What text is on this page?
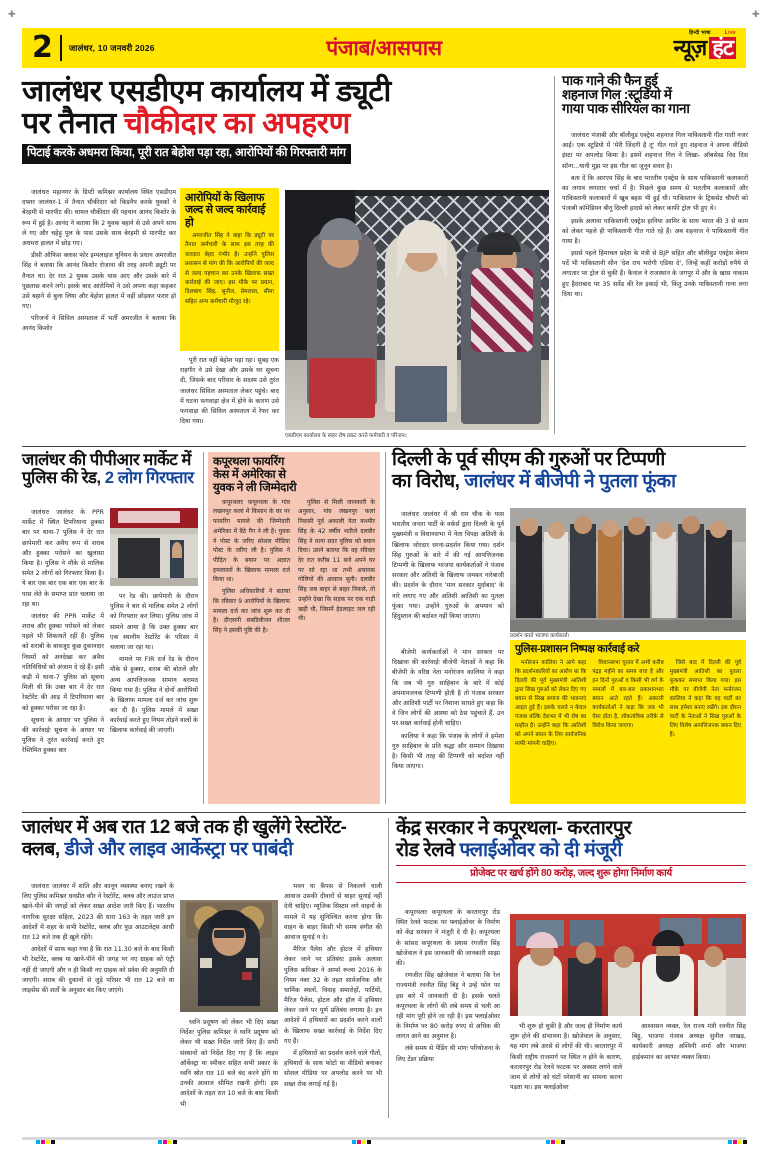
✚	✚
2	जालंधर, 10 जनवरी 2026	पंजाब/आसपास
हिन्दी भाषा	Live
न्यूज़ हंट
जालंधर एसडीएम कार्यालय में ड्यूटी
पर तैनात चौकीदार का अपहरण
पिटाई करके अधमरा किया, पूरी रात बेहोश पड़ा रहा, आरोपियों की गिरफ्तारी मांग

जालंधरः महानगर के डिप्टी कमिश्नर कार्यालय स्थित एसडीएम दफ्तर जालंधर-1 में तैनात चौकीदार को किडनैप करके युवकों ने बेरहमी से मारपीट की। घायल चौकीदार की पहचान आनंद किशोर के रूप में हुई है। आनंद ने बताया कि 2 युवक बहाने से उसे अपने साथ ले गए और चहेड़ू पुल के पास उसके साथ बेरहमी से मारपीट कर अधमरा हालत में छोड़ गए।

डीसी ऑफिस क्लास फोर इम्पलाइज यूनियन के प्रधान अमरजीत सिंह ने बताया कि आनंद किशोर रोजाना की तरह अपनी ड्यूटी पर तैनात था। देर रात 2 युवक उसके पास आए और उसके बारे में पूछताछ करने लगे। इसके बाद आरोपियों ने उसे अपना कहा कहकर उसे बहाने से बुला लिया और बेहोश हालत में वहीं छोड़कर फरार हो गए।

परिजनों ने सिविल अस्पताल में भर्ती अमरजीत ने बताया कि आनंद किशोर

आरोपियों के खिलाफ जल्द से जल्द कार्रवाई हो

अमरजीत सिंह ने कहा कि ड्यूटी पर तैनात कर्मचारी के साथ इस तरह की वारदात बेहद गंभीर है। उन्होंने पुलिस प्रशासन से मांग की कि आरोपियों की जल्द से जल्द पहचान कर उनके खिलाफ सख्त कार्रवाई की जाए। इस मौके पर प्रधान, दिलबाग सिंह, सुनील, प्रेमलाल, सीमा सहित अन्य कर्मचारी मौजूद रहे।

पूरी रात वहीं बेहोश पड़ा रहा। सुबह एक राहगीर ने उसे देखा और उसके घर सूचना दी, जिसके बाद परिवार के सदस्य उसे तुरंत जालंधर सिविल अस्पताल लेकर पहुंचे। बाद में घटना फगवाड़ा क्षेत्र में होने के कारण उसे फगवाड़ा की सिविल अस्पताल में रेफर कर दिया गया।

एसडीएम कार्यालय के बाहर रोष प्रकट करते कर्मचारी व परिजन।
पाक गाने की फैन हुई
शहनाज गिल :स्टूडियो में
गाया पाक सीरियल का गाना

जालंधरः पंजाबी और बॉलीवुड एक्ट्रेस शहनाज गिल पाकिस्तानी गीत गाती नजर आईं। एक स्टूडियो में 'मेरी जिंदगी है तू' गीत गाते हुए शहनाज ने अपना वीडियो इंस्टा पर अपलोड किया है। इसमें शहनाज गिल ने लिखा- ऑबसेस्ड विद दिस सॉन्ग...यानी मुझ पर इस गीत का जुनून सवार है।

बता दें कि आरएम सिंह के बाद भारतीय एक्ट्रेस के साथ पाकिस्तानी कलाकारों का लगाव लगातार चर्चा में है। पिछले कुछ समय से भारतीय कलाकारों और पाकिस्तानी कलाकारों में खूब बहस भी हुई थी। पाकिस्तान के ट्रिकसेट चौधरी को पंजाबी कॉमेडियन बीनू दिल्ली हादसे को लेकर काफी ट्रोल भी हुए थे।

इसके अलावा पाकिस्तानी एक्ट्रेस हानिया आमिर के साथ भारत की 3 से काम को लेकर पहले ही पाकिस्तानी गीत गाते रहे हैं। अब शहनाज ने पाकिस्तानी गीत गाया है।

इससे पहले हिमाचल प्रदेश के मंत्री से BJP सहित और बॉलीवुड एक्ट्रेस बेनाम पर्दे भी पाकिस्तानी सीन 'देश राय भरोगी एडिया दे', जिन्हें कहीं करोड़ों रुपैये से लगातार पर ट्रोल से चुकी हैं। कैनाल ने राजस्थान के जगपुर में और के खास नाकाम हुए हैदराबाद पर 35 सर्वेड की रेल इकाई भी, किंतु उनके पाकिस्तानी गाना लगा दिया था।

जालंधर की पीपीआर मार्केट में
पुलिस की रेड, 2 लोग गिरफ्तार

जालंधरः जालंधर के PPR मार्केट में स्थित टिपरियाना हुक्का बार पर थाना-7 पुलिस ने देर रात छापेमारी कर अवैध रूप से शराब और हुक्का परोसने का खुलासा किया है। पुलिस ने मौके से मालिक समेत 2 लोगों को गिरफ्तार किया है। ये बार एक बार एक बार एक बार के पास लेते के समाप्त प्रात चलाया जा रहा था।

जालंधर की PPR मार्केट में शराब और हुक्का परोसने को लेकर पहले भी शिकायतें रहीं हैं। पुलिस को शराबी के बावजूद कुछ दुकानदार नियमों को अनदेखा कर अवैध गतिविधियों को अंजाम दे रहे हैं। इसी कड़ी में थाना-7 पुलिस को सूचना मिली थी कि उक्त बार में देर रात रेस्टोरेंट की आड़ में टिपरियाना बार को हुक्का परोसा जा रहा है।

सूचना के आधार पर पुलिस ने की कार्रवाईः सूचना के आधार पर पुलिस ने तुरंत कार्रवाई करते हुए रेस्तिमित हुक्का बार

पर रेड की। छापेमारी के दौरान पुलिस ने बार से मालिक समेत 2 लोगों को गिरफ्तार कर लिया। पुलिस जांच में सामने आया है कि उक्त हुक्का बार एक स्थानीय रेस्टोरेंट के परिसर में चलाया जा रहा था।

मामले पर FIR दर्ज रेड के दौरान मौके से हुक्का, शराब की बोतलें और अन्य आपत्तिजनक सामान बरामद किया गया है। पुलिस ने दोनों आरोपियों के खिलाफ मामला दर्ज कर जांच शुरू कर दी है। पुलिस मामले में सख्त कार्रवाई करते हुए नियम तोड़ने वालों के खिलाफ कार्रवाई की जाएगी।

कपूरथला फायरिंग
केस में अमेरिका से
युवक ने ली जिम्मेदारी

कपूरथलाः कपूरथला के गांव लखनपुर कलां में किसान के घर पर फायरिंग मामले की जिम्मेदारी अमेरिका में बैठे गैंग ने ली है। युवक ने पोस्ट के जरिए सोशल मीडिया पोस्ट के जरिए ली है। पुलिस ने पीड़ित के बयान पर अज्ञात हमलावरों के खिलाफ मामला दर्ज किया था।

पुलिस अधिकारियों ने बताया कि रविवार 9 आरोपियों के खिलाफ मामला दर्ज कर जांच शुरू कर दी है। डीएसपी सबडिवीजन शीतल सिंह ने इसकी पुष्टि की है।

पुलिस से मिली जानकारी के अनुसार, गांव लखनपुर कलां निवासी पूर्व अकाली नेता कश्मीर सिंह के 42 वर्षीय भतीजे दलवीर सिंह ने थाना सदर पुलिस को बयान दिया। उसने बताया कि वह रविवार देर रात करीब 11 बजे अपने घर पर सो रहा था तभी अचानक गोलियों की आवाज सुनी। दलवीर सिंह जब बाहर से बाहर निकले, तो उन्होंने देखा कि सड़क पर एक गाड़ी खड़ी थी, जिसमें हेडलाइट जल रही थी।

दिल्ली के पूर्व सीएम की गुरुओं पर टिप्पणी
का विरोध, जालंधर में बीजेपी ने पुतला फूंका

जालंधरः जालंधर में श्री राम चौक के पास भारतीय जनता पार्टी के वर्कर्स द्वारा दिल्ली के पूर्व मुख्यमंत्री व विधानसभा में नेता विपक्ष अतिशी के खिलाफ जोरदार धरना-प्रदर्शन किया गया। दर्शन सिंह गुरुओं के बारे में की गई आपत्तिजनक टिप्पणी के खिलाफ भाजपा कार्यकर्ताओं ने पंजाब सरकार और अतिशी के खिलाफ जमकर नारेबाजी की। प्रदर्शन के दौरान 'मान सरकार मुर्दाबाद' के नारे लगाए गए और अतिशी आतिशी का पुतला फूंका गया। उन्होंने गुरुओं के अपमान को हिंदुस्तान की बर्दाश्त नहीं किया जाएगा।

बीजेपी कार्यकर्ताओं ने मान सरकार पर दिखावा की कार्रवाईः बीजेपी नेताओं ने कहा कि बीजेपी के वरिष्ठ नेता मनोरंजन कालिया ने कहा कि जब भी गुरु साहिबान के बारे में कोई अपमानजनक टिप्पणी होती है तो पंजाब सरकार और आतिशी पार्टी पर निशाना साधते हुए कहा कि वे जिन लोगों की आस्था को ठेस पहुंचाते हैं, उन पर सख्त कार्रवाई होनी चाहिए।

कालिया ने कहा कि पंजाब के लोगों ने हमेशा गुरु साहिबान के प्रति श्रद्धा और सम्मान दिखाया है। किसी भी तरह की टिप्पणी को बर्दाश्त नहीं किया जाएगा।

प्रदर्शन करते भाजपा कार्यकर्ता।
पुलिस-प्रशासन निष्पक्ष कार्रवाई करे

मनोरंजन कालिया ने आगे कहा कि प्रदर्शनकारियों का आरोप था कि दिल्ली की पूर्व मुख्यमंत्री आतिशी द्वारा सिख गुरुओं को लेकर दिए गए बयान से सिख समाज की भावनाएं आहत हुई हैं। इसके चलते न केवल पंजाब बल्कि देशभर में भी रोष का माहौल है। उन्होंने कहा कि आतिशी को अपने बयान के लिए सार्वजनिक माफी मांगनी चाहिए।

विधानसभा चुनाव में अभी करीब पंद्रह महीने का समय बचा है और इन दिनों गुरुओं व किसी भी वर्ग के मामलों में बार-बार प्रकाशनभरा बयान आते रहते हैं। अकाली कार्यकर्ताओं ने कहा कि जब भी ऐसा होता है, लोकतांत्रिक तरीके से विरोध किया जाएगा।

जिसे बाद में दिल्ली की पूर्व मुख्यमंत्री आतिशी का पुतला फूंककर समाप्त किया गया। इस मौके पर बीजेपी नेता मनोरंजन कालिया ने कहा कि वह पार्टी का साथ हमेशा बनाए रखेंगे। इस दौरान पार्टी के नेताओं ने सिख गुरुओं के लिए विशेष आपत्तिजनक बयान दिए हैं।

जालंधर में अब रात 12 बजे तक ही खुलेंगे रेस्टोरेंट-
क्लब, डीजे और लाइव आर्केस्ट्रा पर पाबंदी

जालंधरः जालंधर में शांति और कानून व्यवस्था बनाए रखने के लिए पुलिस कमिश्नर धनप्रीत कौर ने रेस्टोरेंट, क्लब और लाउंज प्राप्त खाने-पीने की जगहों को लेकर सख्त आदेश जारी किए हैं। भारतीय नागरिक सुरक्षा संहिता, 2023 की धारा 163 के तहत जारी इन आदेशों में शहर के सभी रेस्टोरेंट, क्लब और फूड आउटलेट्स आधी रात 12 बजे तक ही खुले रहेंगे।

आदेशों में साफ कहा गया है कि रात 11.30 बजे के बाद किसी भी रेस्टोरेंट, क्लब या खाने-पीने की जगह पर नए ग्राहक को एंट्री नहीं दी जाएगी और न ही किसी नए ग्राहक को प्रवेश की अनुमति दी जाएगी। शराब की दुकानों से जुड़े परिसर भी रात 12 बजे या लाइसेंस की शर्तों के अनुसार बंद किए जाएंगे।

ध्वनि प्रदूषण को लेकर भी दिए सख्त निर्देशः पुलिस कमिश्नर ने ध्वनि प्रदूषण को लेकर भी सख्त निर्देश जारी किए हैं। सभी संस्थानों को निर्देश दिए गए हैं कि लाइव ऑर्केस्ट्रा या स्पीकर सहित सभी प्रकार के ध्वनि स्रोत रात 10 बजे बंद करने होंगे या उनकी आवाज सीमित रखनी होगी। इस आदेशों के तहत रात 10 बजे के बाद किसी भी

भवन या कैंपस से निकलने वाली आवाज उसकी दीवारों से बाहर सुनाई नहीं देनी चाहिए। म्यूजिक सिस्टम लगे वाहनों के मामले में यह सुनिश्चित करना होगा कि वाहन के बाहर किसी भी समय संगीत की आवाज सुनाई न दे।

मैरिज पैलेस और होटल में हथियार लेकर जाने पर प्रतिबंधः इसके अलावा पुलिस कमिश्नर ने आर्म्स रूल्स 2016 के नियम नंबर 32 के तहत सार्वजनिक और धार्मिक स्थलों, विवाह समारोहों, पार्टियों, मैरिज पैलेस, होटल और हॉल में हथियार लेकर जाने पर पूर्ण प्रतिबंध लगाया है। इन आदेशों में हथियारों का प्रदर्शन करने वालों के खिलाफ सख्त कार्रवाई के निर्देश दिए गए हैं।

में हथियारों का प्रदर्शन करने वाले गीतों, हथियारों के साथ फोटो या वीडियो बनाकर सोशल मीडिया पर अपलोड करने पर भी सख्त रोक लगाई गई है।

केंद्र सरकार ने कपूरथला- करतारपुर
रोड रेलवे फ्लाईओवर को दी मंजूरी
प्रोजेक्ट पर खर्च होंगे 80 करोड़, जल्द शुरू होगा निर्माण कार्य

कपूरथलाः कपूरथला के करतारपुर रोड स्थित रेलवे फाटक पर फ्लाईओवर के निर्माण को केंद्र सरकार ने मंजूरी दे दी है। कपूरथला के सांसद कपूरथला के प्रयास रंगजीत सिंह खोजेवाल ने इस जानकारी की जानकारी साझा की।

रणजीत सिंह खोजेवाल ने बताया कि रेल राज्यमंत्री रवनीत सिंह बिट्टू ने उन्हें फोन पर इस बारे में जानकारी दी है। इसके चलते कपूरथला के लोगों की लंबे समय से चली आ रही मांग पूरी होने जा रही है। इस फ्लाईओवर के निर्माण पर 80 करोड़ रुपए से अधिक की लागत आने का अनुमान है।

लंबे समय से पेंडिंग थी मांगः परियोजना के लिए टेंडर प्रक्रिया

भी शुरू हो चुकी है और जल्द ही निर्माण कार्य शुरू होने की संभावना है। खोजेवाल के अनुसार, यह मांग लंबे अरसे से लोगों की थी। करतारपुर में किसी राष्ट्रीय राजमार्ग पर स्थित न होने के कारण, करतारपुर रोड रेलवे फाटक पर अक्सर लगने वाले जाम से लोगों को घंटों परेशानी का सामना करना पड़ता था। इस फ्लाईओवर

आश्वासन व्यक्त, रेल राज्य मंत्री रवनीत सिंह बिट्टू, भाजपा पंजाब अध्यक्ष सुनील जाखड़, कार्यकारी अध्यक्ष अश्विनी शर्मा और भाजपा हाईकमान का आभार व्यक्त किया।
